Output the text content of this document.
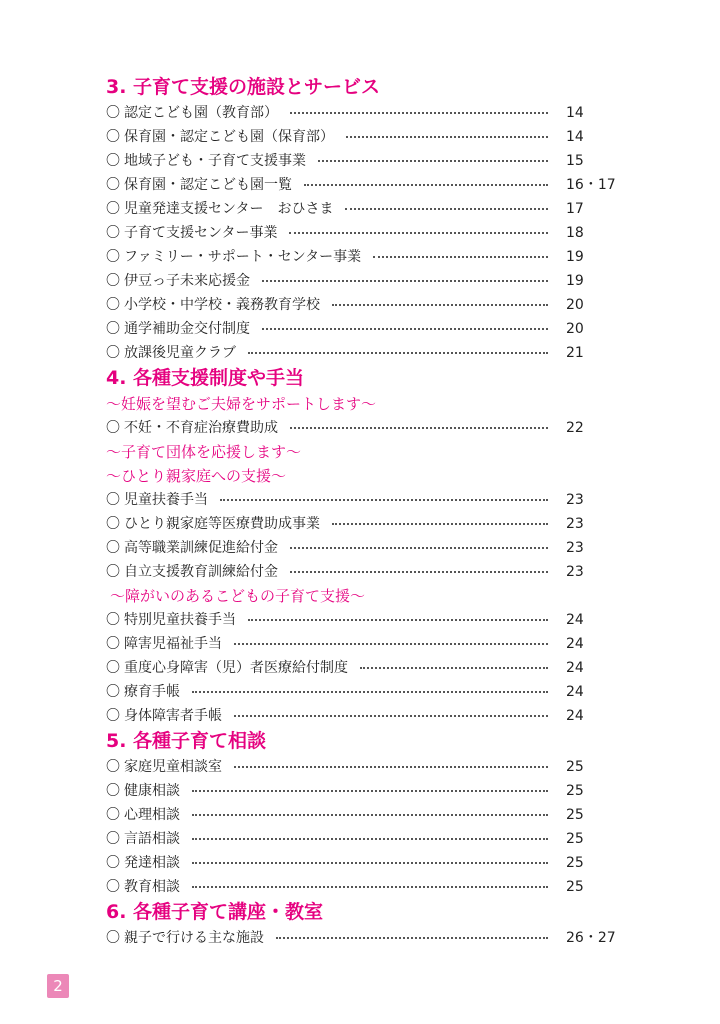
3. 子育て支援の施設とサービス
〇 認定こども園（教育部）	14
〇 保育園・認定こども園（保育部）	14
〇 地域子ども・子育て支援事業	15
〇 保育園・認定こども園一覧	16・17
〇 児童発達支援センター　おひさま	17
〇 子育て支援センター事業	18
〇 ファミリー・サポート・センター事業	19
〇 伊豆っ子未来応援金	19
〇 小学校・中学校・義務教育学校	20
〇 通学補助金交付制度	20
〇 放課後児童クラブ	21
4. 各種支援制度や手当
～妊娠を望むご夫婦をサポートします～
〇 不妊・不育症治療費助成	22
～子育て団体を応援します～
～ひとり親家庭への支援～
〇 児童扶養手当	23
〇 ひとり親家庭等医療費助成事業	23
〇 高等職業訓練促進給付金	23
〇 自立支援教育訓練給付金	23
～障がいのあるこどもの子育て支援～
〇 特別児童扶養手当	24
〇 障害児福祉手当	24
〇 重度心身障害（児）者医療給付制度	24
〇 療育手帳	24
〇 身体障害者手帳	24
5. 各種子育て相談
〇 家庭児童相談室	25
〇 健康相談	25
〇 心理相談	25
〇 言語相談	25
〇 発達相談	25
〇 教育相談	25
6. 各種子育て講座・教室
〇 親子で行ける主な施設	26・27
2
